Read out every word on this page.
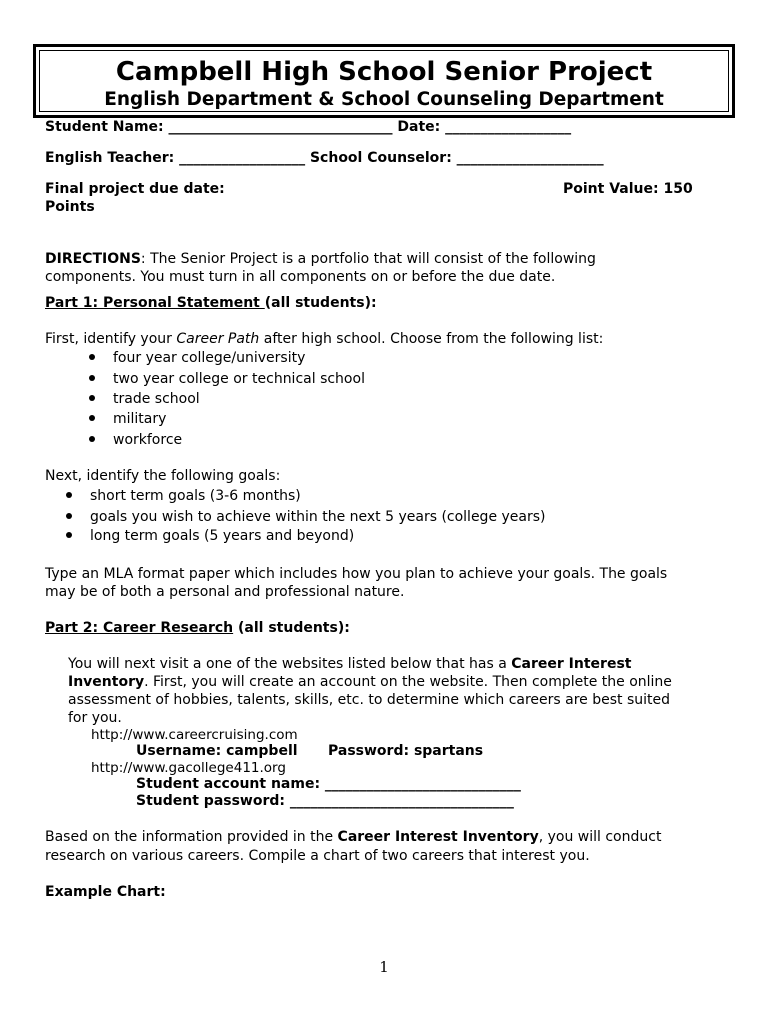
Campbell High School Senior Project
English Department & School Counseling Department
Student Name: ________________________________ Date: __________________
English Teacher: __________________ School Counselor: _____________________
Final project due date:	Point Value: 150
Points
DIRECTIONS: The Senior Project is a portfolio that will consist of the following
components. You must turn in all components on or before the due date.
Part 1: Personal Statement (all students):
First, identify your Career Path after high school. Choose from the following list:
four year college/university
two year college or technical school
trade school
military
workforce
Next, identify the following goals:
short term goals (3-6 months)
goals you wish to achieve within the next 5 years (college years)
long term goals (5 years and beyond)
Type an MLA format paper which includes how you plan to achieve your goals. The goals
may be of both a personal and professional nature.
Part 2: Career Research (all students):
You will next visit a one of the websites listed below that has a Career Interest
Inventory. First, you will create an account on the website. Then complete the online
assessment of hobbies, talents, skills, etc. to determine which careers are best suited
for you.
http://www.careercruising.com
Username: campbell Password: spartans
http://www.gacollege411.org
Student account name: ____________________________
Student password: ________________________________
Based on the information provided in the Career Interest Inventory, you will conduct
research on various careers. Compile a chart of two careers that interest you.
Example Chart:
1
